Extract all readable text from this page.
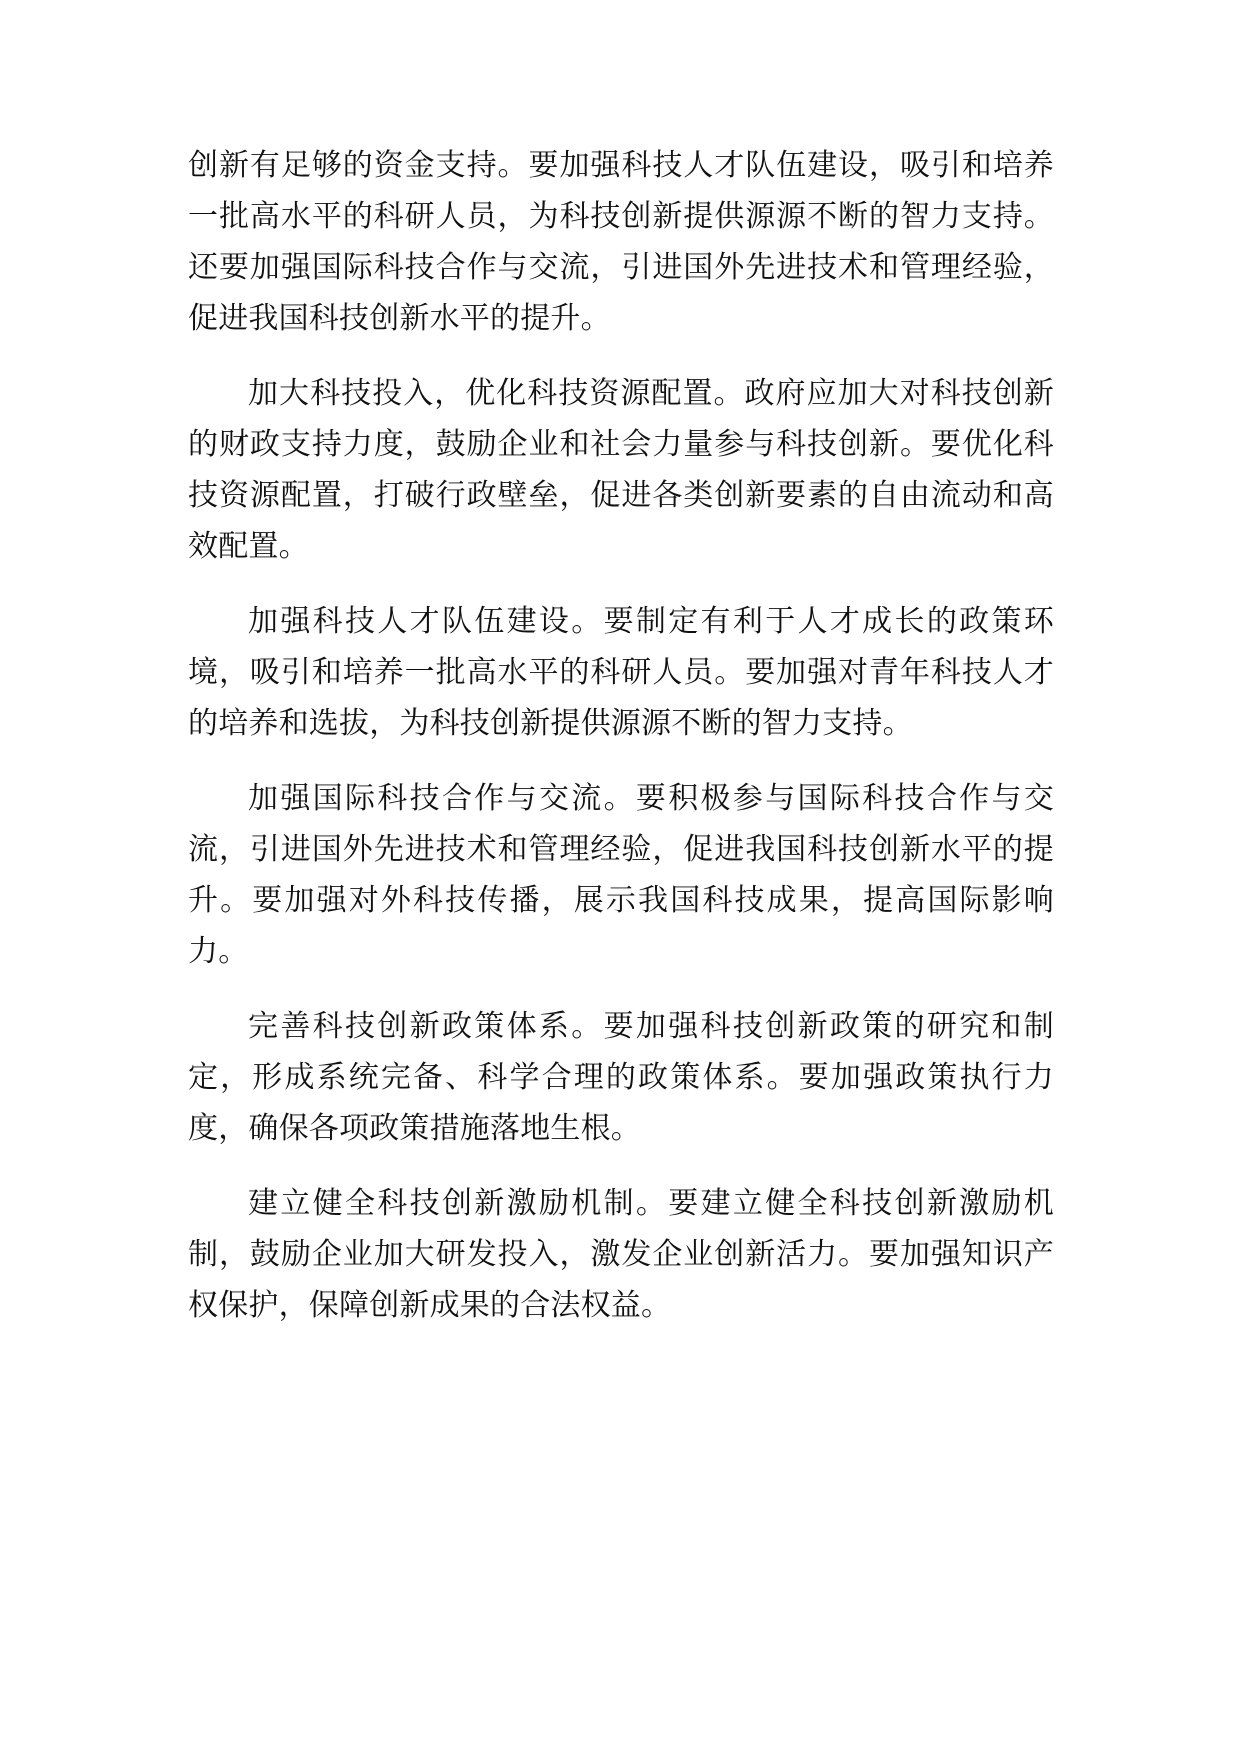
创新有足够的资金支持。要加强科技人才队伍建设，吸引和培养一批高水平的科研人员，为科技创新提供源源不断的智力支持。还要加强国际科技合作与交流，引进国外先进技术和管理经验，促进我国科技创新水平的提升。

加大科技投入，优化科技资源配置。政府应加大对科技创新的财政支持力度，鼓励企业和社会力量参与科技创新。要优化科技资源配置，打破行政壁垒，促进各类创新要素的自由流动和高效配置。

加强科技人才队伍建设。要制定有利于人才成长的政策环境，吸引和培养一批高水平的科研人员。要加强对青年科技人才的培养和选拔，为科技创新提供源源不断的智力支持。

加强国际科技合作与交流。要积极参与国际科技合作与交流，引进国外先进技术和管理经验，促进我国科技创新水平的提升。要加强对外科技传播，展示我国科技成果，提高国际影响力。

完善科技创新政策体系。要加强科技创新政策的研究和制定，形成系统完备、科学合理的政策体系。要加强政策执行力度，确保各项政策措施落地生根。

建立健全科技创新激励机制。要建立健全科技创新激励机制，鼓励企业加大研发投入，激发企业创新活力。要加强知识产权保护，保障创新成果的合法权益。
